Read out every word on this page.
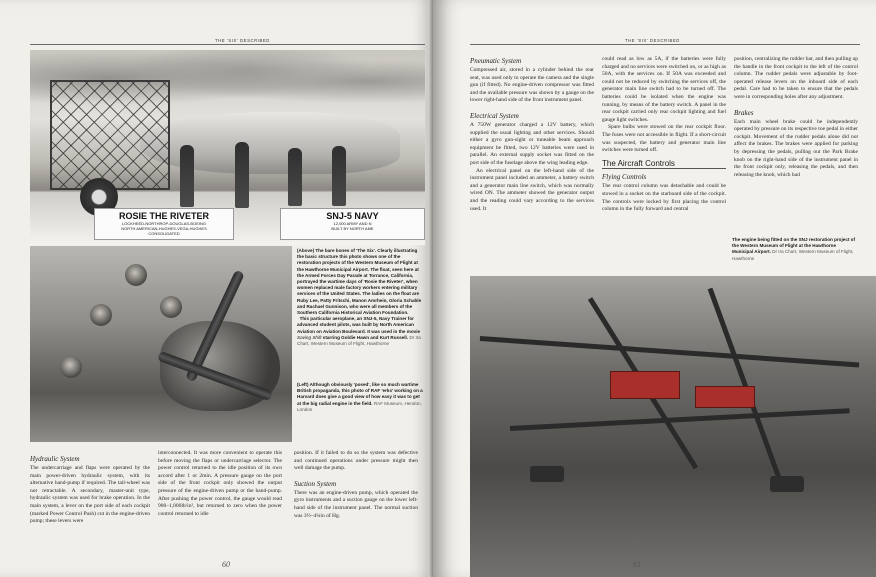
THE 'SIX' DESCRIBED
ROSIE THE RIVETER
LOCKHEED-NORTHROP-DOUGLAS-BOEING
NORTH AMERICAN-HUGHES-VEGA-HUGHES
CONSOLIDATED
SNJ-5 NAVY
12,000 ARMY AND N
BUILT BY NORTH AME
(Above) The bare bones of 'The Six'. Clearly illustrating the basic structure this photo shows one of the restoration projects of the Western Museum of Flight at the Hawthorne Municipal Airport. The float, seen here at the Armed Forces Day Parade at Torrance, California, portrayed the wartime days of 'Rosie the Riveter', when women replaced male factory workers entering military services of the United States. The ladies on the float are Ruby Lee, Patty Fritschi, Manon Amrhein, Gloria Schable and Rachael Gunnison, who were all members of the Southern California Historical Aviation Foundation.
This particular aeroplane, an SNJ-5, Navy Trainer for advanced student pilots, was built by North American Aviation on Aviation Boulevard. It was used in the movie Saving Shift starring Goldie Hawn and Kurt Russell. Dr Ira Chart, Western Museum of Flight, Hawthorne
(Left) Although obviously 'posed', like so much wartime British propaganda, this photo of RAF 'erks' working on a Harvard does give a good view of how easy it was to get at the big radial engine in the field. RAF Museum, Hendon, London
Hydraulic System

The undercarriage and flaps were operated by the main power-driven hydraulic system, with its alternative hand-pump if required. The tail-wheel was not retractable. A secondary, master-unit type, hydraulic system was used for brake operation. In the main system, a lever on the port side of each cockpit (marked Power Control Push) cut in the engine-driven pump; these levers were

interconnected. It was more convenient to operate this before moving the flaps or undercarriage selector. The power control returned to the idle position of its own accord after 1 or 2min. A pressure gauge on the port side of the front cockpit only showed the output pressure of the engine-driven pump or the hand-pump. After pushing the power control, the gauge would read 900–1,000lb/in², but returned to zero when the power control returned to idle

position. If it failed to do so the system was defective and continued operations under pressure might then well damage the pump.

Suction System

There was an engine-driven pump, which operated the gyro instruments and a suction gauge on the lower left-hand side of the instrument panel. The normal suction was 3½–4¼in of Hg.

60
THE 'SIX' DESCRIBED
Pneumatic System

Compressed air, stored in a cylinder behind the rear seat, was used only to operate the camera and the single gun (if fitted). No engine-driven compressor was fitted and the available pressure was shown by a gauge on the lower right-hand side of the front instrument panel.

Electrical System

A 750W generator charged a 12V battery, which supplied the usual lighting and other services. Should either a gyro gun-sight or tuneable beam approach equipment be fitted, two 12V batteries were used in parallel. An external supply socket was fitted on the port side of the fuselage above the wing leading edge.

An electrical panel on the left-hand side of the instrument panel included an ammeter, a battery switch and a generator main line switch, which was normally wired ON. The ammeter showed the generator output and the reading could vary according to the services used. It

could read as low as 5A, if the batteries were fully charged and no services were switched on, or as high as 50A, with the services on. If 50A was exceeded and could not be reduced by switching the services off, the generator main line switch had to be turned off. The batteries could be isolated when the engine was running, by means of the battery switch. A panel in the rear cockpit carried only rear cockpit lighting and fuel gauge light switches.

Spare bulbs were stowed on the rear cockpit floor. The fuses were not accessible in flight. If a short-circuit was suspected, the battery and generator main line switches were turned off.

The Aircraft Controls
Flying Controls

The rear control column was detachable and could be stowed in a socket on the starboard side of the cockpit. The controls were locked by first placing the control column in the fully forward and central

position, centralizing the rudder bar, and then pulling up the handle in the front cockpit to the left of the control column. The rudder pedals were adjustable by foot-operated release levers on the inboard side of each pedal. Care had to be taken to ensure that the pedals were in corresponding holes after any adjustment.

Brakes

Each main wheel brake could be independently operated by pressure on its respective toe pedal in either cockpit. Movement of the rudder pedals alone did not affect the brakes. The brakes were applied for parking by depressing the pedals, pulling out the Park Brake knob on the right-hand side of the instrument panel in the front cockpit only, releasing the pedals, and then releasing the knob, which had

The engine being fitted on the SNJ restoration project of the Western Museum of Flight at the Hawthorne Municipal Airport. Dr Ira Chart, Western Museum of Flight, Hawthorne
61
